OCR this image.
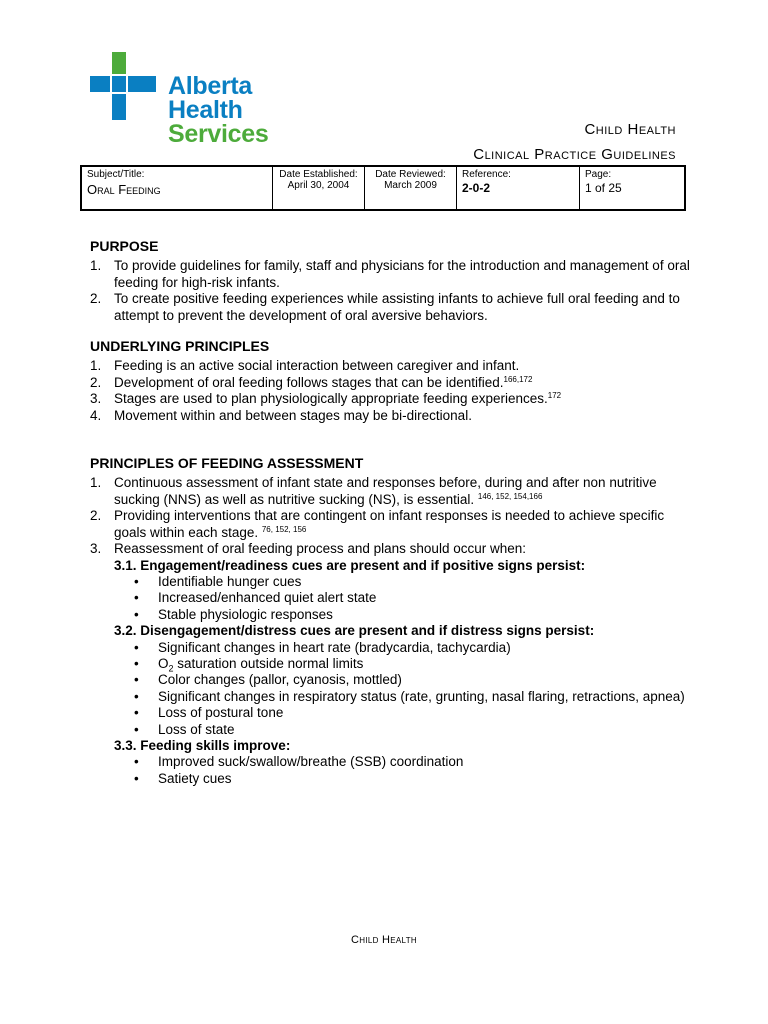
Alberta Health
Services	Child Health
Clinical Practice Guidelines
Subject/Title:
Oral Feeding

Date Established:
April 30, 2004

Date Reviewed:
March 2009

Reference:
2-0-2

Page:
1 of 25
PURPOSE
1. To provide guidelines for family, staff and physicians for the introduction and management of oral feeding for high-risk infants.
2. To create positive feeding experiences while assisting infants to achieve full oral feeding and to attempt to prevent the development of oral aversive behaviors.
UNDERLYING PRINCIPLES
1. Feeding is an active social interaction between caregiver and infant.
2. Development of oral feeding follows stages that can be identified.$^{166,172}$
3. Stages are used to plan physiologically appropriate feeding experiences.$^{172}$
4. Movement within and between stages may be bi-directional.
PRINCIPLES OF FEEDING ASSESSMENT
1. Continuous assessment of infant state and responses before, during and after non nutritive sucking (NNS) as well as nutritive sucking (NS), is essential. $^{146, 152, 154,166}$
2. Providing interventions that are contingent on infant responses is needed to achieve specific goals within each stage. $^{76, 152, 156}$
3. Reassessment of oral feeding process and plans should occur when:
3.1. Engagement/readiness cues are present and if positive signs persist:
• Identifiable hunger cues
• Increased/enhanced quiet alert state
• Stable physiologic responses
3.2. Disengagement/distress cues are present and if distress signs persist:
• Significant changes in heart rate (bradycardia, tachycardia)
• $O_2$ saturation outside normal limits
• Color changes (pallor, cyanosis, mottled)
• Significant changes in respiratory status (rate, grunting, nasal flaring, retractions, apnea)
• Loss of postural tone
• Loss of state
3.3. Feeding skills improve:
• Improved suck/swallow/breathe (SSB) coordination
• Satiety cues
Child Health
